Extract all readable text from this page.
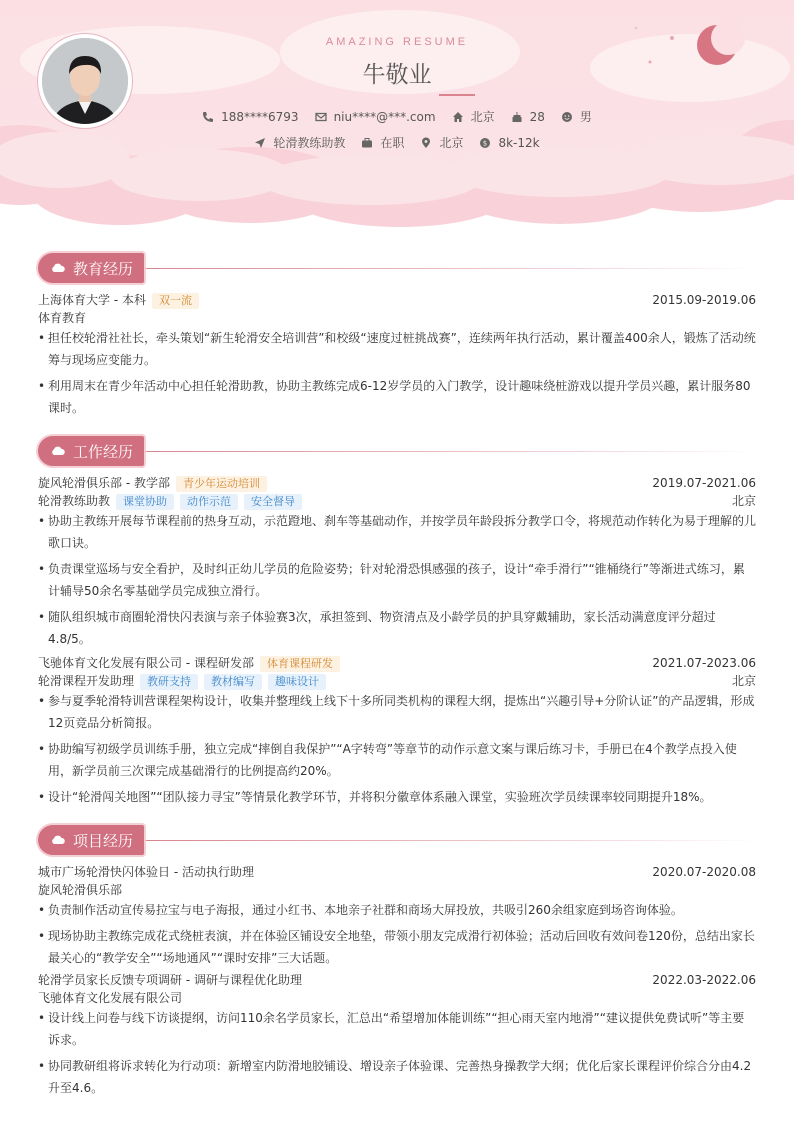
AMAZING RESUME
牛敬业
188****6793	niu****@***.com	北京	28	男
轮滑教练助教	在职	北京	$ 8k-12k
教育经历
上海体育大学 - 本科 双一流	2015.09-2019.06
体育教育
• 担任校轮滑社社长，牵头策划“新生轮滑安全培训营”和校级“速度过桩挑战赛”，连续两年执行活动，累计覆盖400余人，锻炼了活动统筹与现场应变能力。
• 利用周末在青少年活动中心担任轮滑助教，协助主教练完成6-12岁学员的入门教学，设计趣味绕桩游戏以提升学员兴趣，累计服务80课时。
工作经历
旋风轮滑俱乐部 - 教学部 青少年运动培训	2019.07-2021.06
轮滑教练助教 课堂协助 动作示范 安全督导	北京
• 协助主教练开展每节课程前的热身互动，示范蹬地、刹车等基础动作，并按学员年龄段拆分教学口令，将规范动作转化为易于理解的儿歌口诀。
• 负责课堂巡场与安全看护，及时纠正幼儿学员的危险姿势；针对轮滑恐惧感强的孩子，设计“牵手滑行”“锥桶绕行”等渐进式练习，累计辅导50余名零基础学员完成独立滑行。
• 随队组织城市商圈轮滑快闪表演与亲子体验赛3次，承担签到、物资清点及小龄学员的护具穿戴辅助，家长活动满意度评分超过4.8/5。
飞驰体育文化发展有限公司 - 课程研发部 体育课程研发	2021.07-2023.06
轮滑课程开发助理 教研支持 教材编写 趣味设计	北京
• 参与夏季轮滑特训营课程架构设计，收集并整理线上线下十多所同类机构的课程大纲，提炼出“兴趣引导+分阶认证”的产品逻辑，形成12页竞品分析简报。
• 协助编写初级学员训练手册，独立完成“摔倒自我保护”“A字转弯”等章节的动作示意文案与课后练习卡，手册已在4个教学点投入使用，新学员前三次课完成基础滑行的比例提高约20%。
• 设计“轮滑闯关地图”“团队接力寻宝”等情景化教学环节，并将积分徽章体系融入课堂，实验班次学员续课率较同期提升18%。
项目经历
城市广场轮滑快闪体验日 - 活动执行助理	2020.07-2020.08
旋风轮滑俱乐部
• 负责制作活动宣传易拉宝与电子海报，通过小红书、本地亲子社群和商场大屏投放，共吸引260余组家庭到场咨询体验。
• 现场协助主教练完成花式绕桩表演，并在体验区铺设安全地垫，带领小朋友完成滑行初体验；活动后回收有效问卷120份，总结出家长最关心的“教学安全”“场地通风”“课时安排”三大话题。
轮滑学员家长反馈专项调研 - 调研与课程优化助理	2022.03-2022.06
飞驰体育文化发展有限公司
• 设计线上问卷与线下访谈提纲，访问110余名学员家长，汇总出“希望增加体能训练”“担心雨天室内地滑”“建议提供免费试听”等主要诉求。
• 协同教研组将诉求转化为行动项：新增室内防滑地胶铺设、增设亲子体验课、完善热身操教学大纲；优化后家长课程评价综合分由4.2升至4.6。
